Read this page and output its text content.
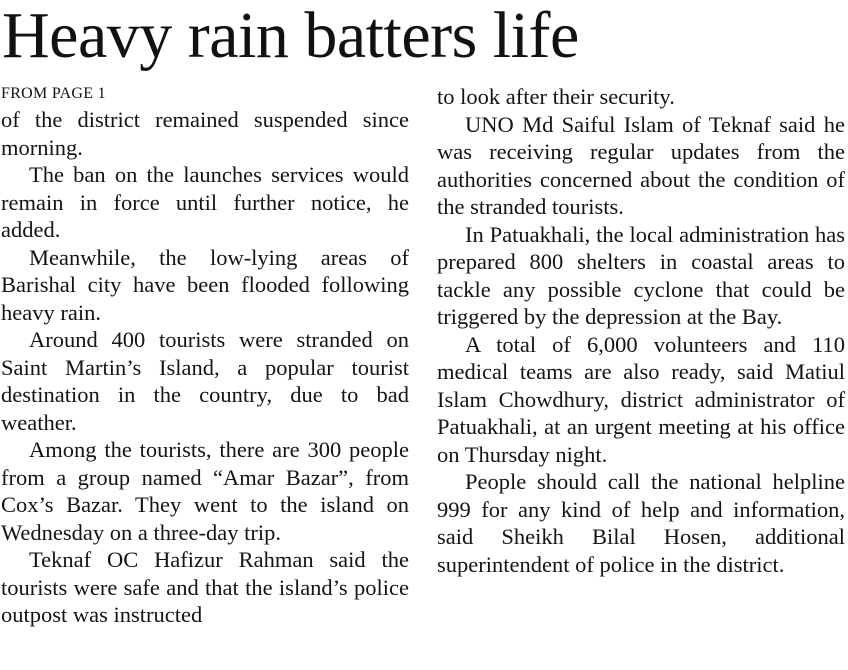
Heavy rain batters life
FROM PAGE 1

of the district remained suspended since morning.

The ban on the launches services would remain in force until further notice, he added.

Meanwhile, the low-lying areas of Barishal city have been flooded following heavy rain.

Around 400 tourists were stranded on Saint Martin’s Island, a popular tourist destination in the country, due to bad weather.

Among the tourists, there are 300 people from a group named “Amar Bazar”, from Cox’s Bazar. They went to the island on Wednesday on a three-day trip.

Teknaf OC Hafizur Rahman said the tourists were safe and that the island’s police outpost was instructed

to look after their security.

UNO Md Saiful Islam of Teknaf said he was receiving regular updates from the authorities concerned about the condition of the stranded tourists.

In Patuakhali, the local administration has prepared 800 shelters in coastal areas to tackle any possible cyclone that could be triggered by the depression at the Bay.

A total of 6,000 volunteers and 110 medical teams are also ready, said Matiul Islam Chowdhury, district administrator of Patuakhali, at an urgent meeting at his office on Thursday night.

People should call the national helpline 999 for any kind of help and information, said Sheikh Bilal Hosen, additional superintendent of police in the district.
